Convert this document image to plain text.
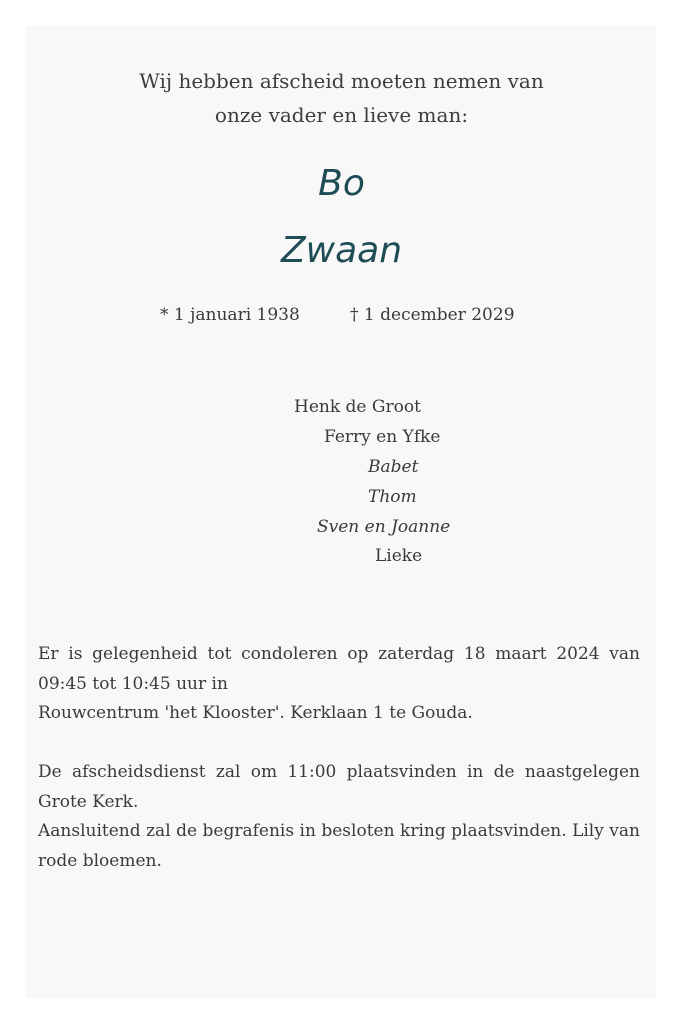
Wij hebben afscheid moeten nemen van
onze vader en lieve man:
Bo
Zwaan
* 1 januari 1938	† 1 december 2029
Henk de Groot
Ferry en Yfke
Babet
Thom
Sven en Joanne
Lieke
Er is gelegenheid tot condoleren op zaterdag 18 maart 2024 van 09:45 tot 10:45 uur in
Rouwcentrum 'het Klooster'. Kerklaan 1 te Gouda.
De afscheidsdienst zal om 11:00 plaatsvinden in de naastgelegen Grote Kerk.
Aansluitend zal de begrafenis in besloten kring plaatsvinden. Lily van rode bloemen.
